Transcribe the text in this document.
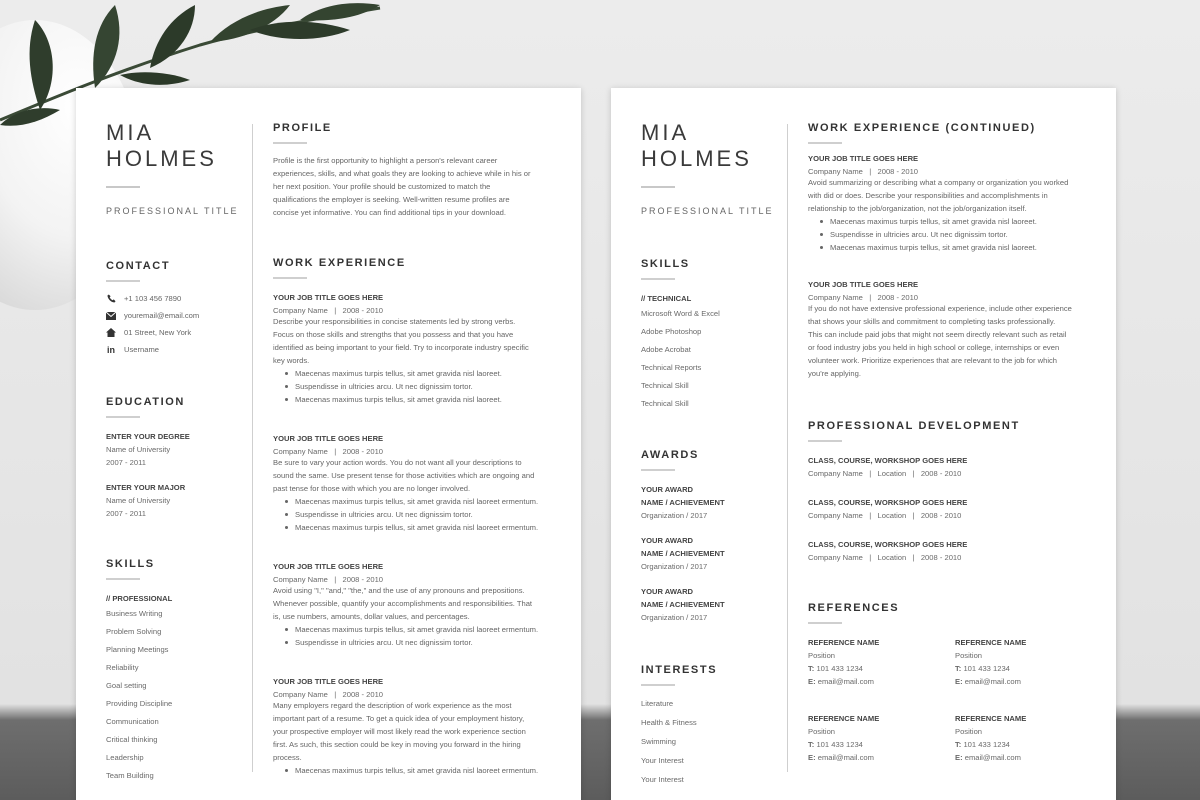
MIA
HOLMES
PROFESSIONAL TITLE
CONTACT
+1 103 456 7890
youremail@email.com
01 Street, New York
in Username
EDUCATION
ENTER YOUR DEGREE
Name of University
2007 - 2011
ENTER YOUR MAJOR
Name of University
2007 - 2011
SKILLS
// PROFESSIONAL
Business Writing
Problem Solving
Planning Meetings
Reliability
Goal setting
Providing Discipline
Communication
Critical thinking
Leadership
Team Building
PROFILE
Profile is the first opportunity to highlight a person's relevant career
experiences, skills, and what goals they are looking to achieve while in his or
her next position. Your profile should be customized to match the
qualifications the employer is seeking. Well-written resume profiles are
concise yet informative. You can find additional tips in your download.
WORK EXPERIENCE
YOUR JOB TITLE GOES HERE
Company Name   |   2008 - 2010
Describe your responsibilities in concise statements led by strong verbs.
Focus on those skills and strengths that you possess and that you have
identified as being important to your field. Try to incorporate industry specific
key words.
Maecenas maximus turpis tellus, sit amet gravida nisl laoreet.
Suspendisse in ultricies arcu. Ut nec dignissim tortor.
Maecenas maximus turpis tellus, sit amet gravida nisl laoreet.
YOUR JOB TITLE GOES HERE
Company Name   |   2008 - 2010
Be sure to vary your action words. You do not want all your descriptions to
sound the same. Use present tense for those activities which are ongoing and
past tense for those with which you are no longer involved.
Maecenas maximus turpis tellus, sit amet gravida nisl laoreet ermentum.
Suspendisse in ultricies arcu. Ut nec dignissim tortor.
Maecenas maximus turpis tellus, sit amet gravida nisl laoreet ermentum.
YOUR JOB TITLE GOES HERE
Company Name   |   2008 - 2010
Avoid using "I," "and," "the," and the use of any pronouns and prepositions.
Whenever possible, quantify your accomplishments and responsibilities. That
is, use numbers, amounts, dollar values, and percentages.
Maecenas maximus turpis tellus, sit amet gravida nisl laoreet ermentum.
Suspendisse in ultricies arcu. Ut nec dignissim tortor.
YOUR JOB TITLE GOES HERE
Company Name   |   2008 - 2010
Many employers regard the description of work experience as the most
important part of a resume. To get a quick idea of your employment history,
your prospective employer will most likely read the work experience section
first. As such, this section could be key in moving you forward in the hiring
process.
Maecenas maximus turpis tellus, sit amet gravida nisl laoreet ermentum.
MIA
HOLMES
PROFESSIONAL TITLE
SKILLS
// TECHNICAL
Microsoft Word & Excel
Adobe Photoshop
Adobe Acrobat
Technical Reports
Technical Skill
Technical Skill
AWARDS
YOUR AWARD
NAME / ACHIEVEMENT
Organization / 2017
YOUR AWARD
NAME / ACHIEVEMENT
Organization / 2017
YOUR AWARD
NAME / ACHIEVEMENT
Organization / 2017
INTERESTS
Literature
Health & Fitness
Swimming
Your Interest
Your Interest
WORK EXPERIENCE (CONTINUED)
YOUR JOB TITLE GOES HERE
Company Name   |   2008 - 2010
Avoid summarizing or describing what a company or organization you worked
with did or does. Describe your responsibilities and accomplishments in
relationship to the job/organization, not the job/organization itself.
Maecenas maximus turpis tellus, sit amet gravida nisl laoreet.
Suspendisse in ultricies arcu. Ut nec dignissim tortor.
Maecenas maximus turpis tellus, sit amet gravida nisl laoreet.
YOUR JOB TITLE GOES HERE
Company Name   |   2008 - 2010
If you do not have extensive professional experience, include other experience
that shows your skills and commitment to completing tasks professionally.
This can include paid jobs that might not seem directly relevant such as retail
or food industry jobs you held in high school or college, internships or even
volunteer work. Prioritize experiences that are relevant to the job for which
you're applying.
PROFESSIONAL DEVELOPMENT
CLASS, COURSE, WORKSHOP GOES HERE
Company Name   |   Location   |   2008 - 2010
CLASS, COURSE, WORKSHOP GOES HERE
Company Name   |   Location   |   2008 - 2010
CLASS, COURSE, WORKSHOP GOES HERE
Company Name   |   Location   |   2008 - 2010
REFERENCES
REFERENCE NAME
Position
T: 101 433 1234
E: email@mail.com
REFERENCE NAME
Position
T: 101 433 1234
E: email@mail.com
REFERENCE NAME
Position
T: 101 433 1234
E: email@mail.com
REFERENCE NAME
Position
T: 101 433 1234
E: email@mail.com
